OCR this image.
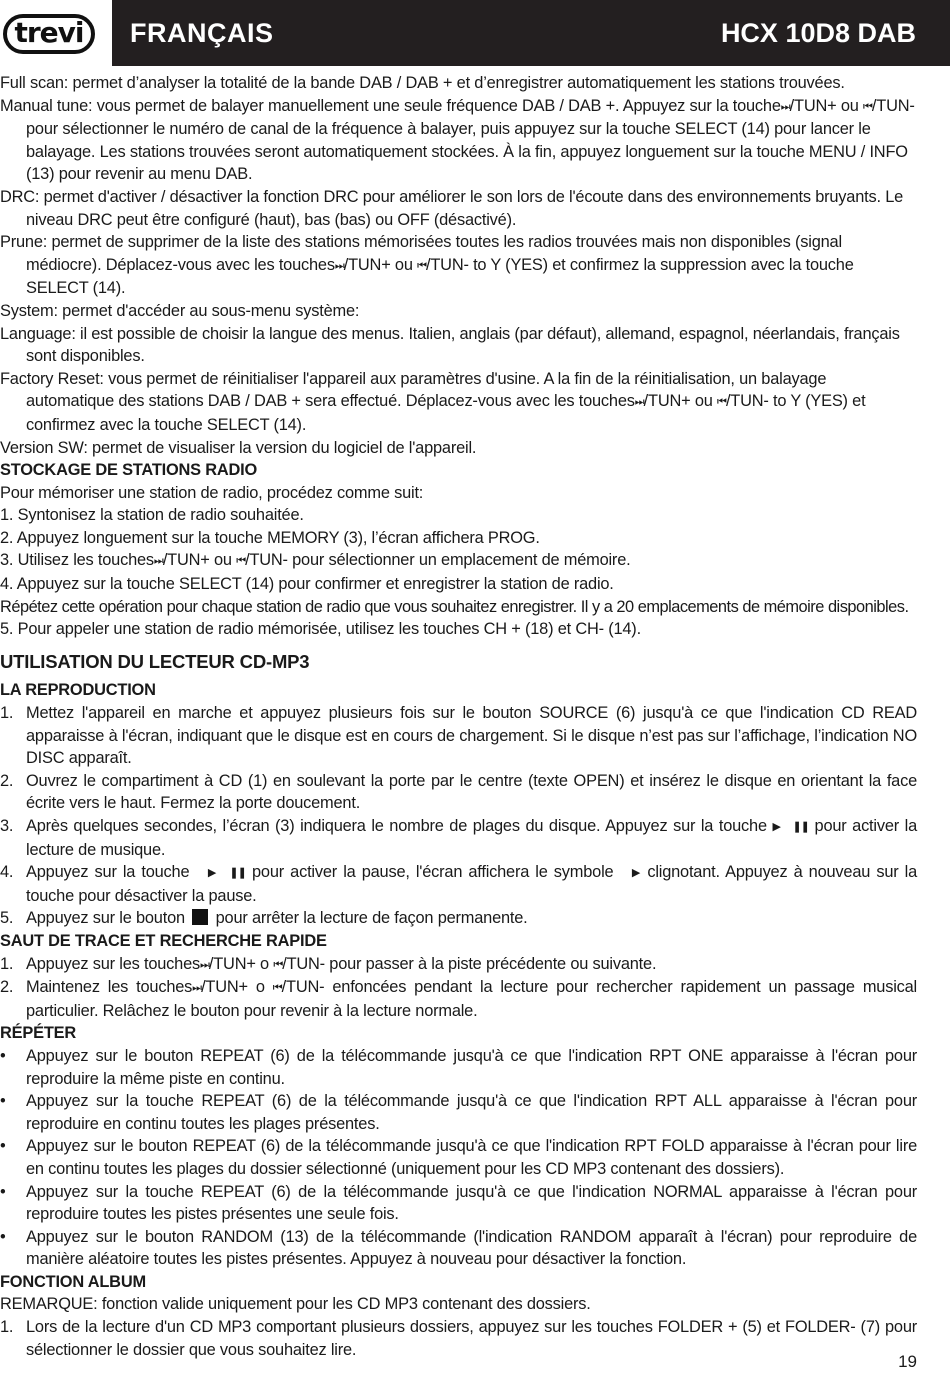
trevi	FRANÇAIS	HCX 10D8 DAB

Full scan: permet d’analyser la totalité de la bande DAB / DAB + et d’enregistrer automatiquement les stations trouvées.

Manual tune: vous permet de balayer manuellement une seule fréquence DAB / DAB +. Appuyez sur la touche⏭/TUN+ ou ⏮/TUN- pour sélectionner le numéro de canal de la fréquence à balayer, puis appuyez sur la touche SELECT (14) pour lancer le balayage. Les stations trouvées seront automatiquement stockées. À la fin, appuyez longuement sur la touche MENU / INFO (13) pour revenir au menu DAB.

DRC: permet d'activer / désactiver la fonction DRC pour améliorer le son lors de l'écoute dans des environnements bruyants. Le niveau DRC peut être configuré (haut), bas (bas) ou OFF (désactivé).

Prune: permet de supprimer de la liste des stations mémorisées toutes les radios trouvées mais non disponibles (signal médiocre). Déplacez-vous avec les touches⏭/TUN+ ou ⏮/TUN- to Y (YES) et confirmez la suppression avec la touche SELECT (14).

System: permet d'accéder au sous-menu système:

Language: il est possible de choisir la langue des menus. Italien, anglais (par défaut), allemand, espagnol, néerlandais, français sont disponibles.

Factory Reset: vous permet de réinitialiser l'appareil aux paramètres d'usine. A la fin de la réinitialisation, un balayage automatique des stations DAB / DAB + sera effectué. Déplacez-vous avec les touches⏭/TUN+ ou ⏮/TUN- to Y (YES) et confirmez avec la touche SELECT (14).

Version SW: permet de visualiser la version du logiciel de l'appareil.

STOCKAGE DE STATIONS RADIO

Pour mémoriser une station de radio, procédez comme suit:

1. Syntonisez la station de radio souhaitée.

2. Appuyez longuement sur la touche MEMORY (3), l’écran affichera PROG.

3. Utilisez les touches⏭/TUN+ ou ⏮/TUN- pour sélectionner un emplacement de mémoire.

4. Appuyez sur la touche SELECT (14) pour confirmer et enregistrer la station de radio.

Répétez cette opération pour chaque station de radio que vous souhaitez enregistrer. Il y a 20 emplacements de mémoire disponibles.

5. Pour appeler une station de radio mémorisée, utilisez les touches CH + (18) et CH- (14).

UTILISATION DU LECTEUR CD-MP3

LA REPRODUCTION

1. Mettez l'appareil en marche et appuyez plusieurs fois sur le bouton SOURCE (6) jusqu'à ce que l'indication CD READ apparaisse à l'écran, indiquant que le disque est en cours de chargement. Si le disque n’est pas sur l’affichage, l’indication NO DISC apparaît.

2. Ouvrez le compartiment à CD (1) en soulevant la porte par le centre (texte OPEN) et insérez le disque en orientant la face écrite vers le haut. Fermez la porte doucement.

3. Après quelques secondes, l’écran (3) indiquera le nombre de plages du disque. Appuyez sur la touche ▶ ❚❚ pour activer la lecture de musique.

4. Appuyez sur la touche   ▶ ❚❚ pour activer la pause, l'écran affichera le symbole   ▶ clignotant. Appuyez à nouveau sur la touche pour désactiver la pause.

5. Appuyez sur le bouton  pour arrêter la lecture de façon permanente.

SAUT DE TRACE ET RECHERCHE RAPIDE

1. Appuyez sur les touches⏭/TUN+ o ⏮/TUN- pour passer à la piste précédente ou suivante.

2. Maintenez les touches⏭/TUN+ o ⏮/TUN- enfoncées pendant la lecture pour rechercher rapidement un passage musical particulier. Relâchez le bouton pour revenir à la lecture normale.

RÉPÉTER

• Appuyez sur le bouton REPEAT (6) de la télécommande jusqu'à ce que l'indication RPT ONE apparaisse à l'écran pour reproduire la même piste en continu.

• Appuyez sur la touche REPEAT (6) de la télécommande jusqu'à ce que l'indication RPT ALL apparaisse à l'écran pour reproduire en continu toutes les plages présentes.

• Appuyez sur le bouton REPEAT (6) de la télécommande jusqu'à ce que l'indication RPT FOLD apparaisse à l'écran pour lire en continu toutes les plages du dossier sélectionné (uniquement pour les CD MP3 contenant des dossiers).

• Appuyez sur la touche REPEAT (6) de la télécommande jusqu'à ce que l'indication NORMAL apparaisse à l'écran pour reproduire toutes les pistes présentes une seule fois.

• Appuyez sur le bouton RANDOM (13) de la télécommande (l'indication RANDOM apparaît à l'écran) pour reproduire de manière aléatoire toutes les pistes présentes. Appuyez à nouveau pour désactiver la fonction.

FONCTION ALBUM

REMARQUE: fonction valide uniquement pour les CD MP3 contenant des dossiers.

1. Lors de la lecture d'un CD MP3 comportant plusieurs dossiers, appuyez sur les touches FOLDER + (5) et FOLDER- (7) pour sélectionner le dossier que vous souhaitez lire.

19
